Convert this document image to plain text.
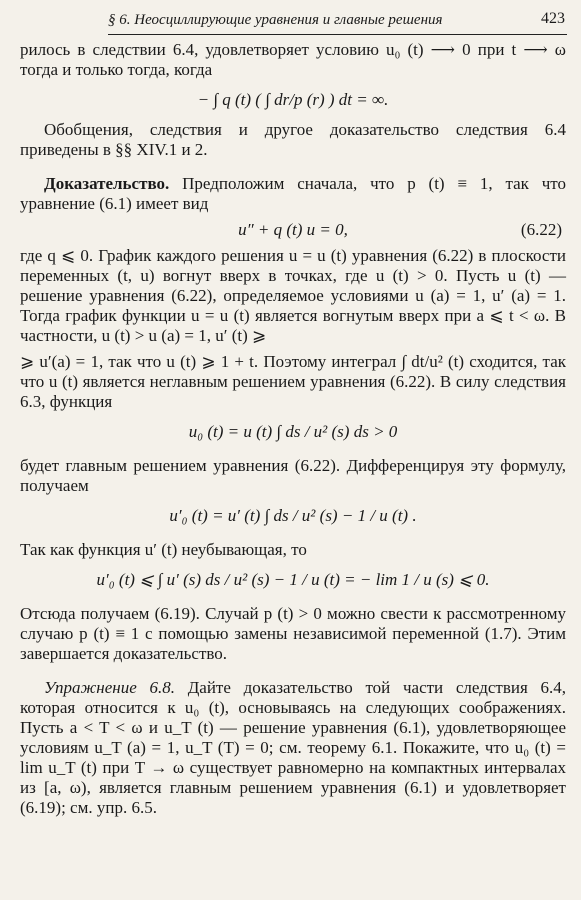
§ 6. Неосциллирующие уравнения и главные решения	423

рилось в следствии 6.4, удовлетворяет условию u₀ (t) ⟶ 0 при t ⟶ ω тогда и только тогда, когда

− ∫ q (t) ( ∫ dr/p (r) ) dt = ∞.

Обобщения, следствия и другое доказательство следствия 6.4 приведены в §§ XIV.1 и 2.

Доказательство. Предположим сначала, что p (t) ≡ 1, так что уравнение (6.1) имеет вид

u″ + q (t) u = 0,	(6.22)

где q ⩽ 0. График каждого решения u = u (t) уравнения (6.22) в плоскости переменных (t, u) вогнут вверх в точках, где u (t) > 0. Пусть u (t) — решение уравнения (6.22), определяемое условиями u (a) = 1, u′ (a) = 1. Тогда график функции u = u (t) является вогнутым вверх при a ⩽ t < ω. В частности, u (t) > u (a) = 1, u′ (t) ⩾

⩾ u′(a) = 1, так что u (t) ⩾ 1 + t. Поэтому интеграл ∫ dt/u² (t) сходится, так что u (t) является неглавным решением уравнения (6.22). В силу следствия 6.3, функция

u₀ (t) = u (t) ∫ ds / u² (s) ds > 0

будет главным решением уравнения (6.22). Дифференцируя эту формулу, получаем

u′₀ (t) = u′ (t) ∫ ds / u² (s) − 1 / u (t) .

Так как функция u′ (t) неубывающая, то

u′₀ (t) ⩽ ∫ u′ (s) ds / u² (s) − 1 / u (t) = − lim 1 / u (s) ⩽ 0.

Отсюда получаем (6.19). Случай p (t) > 0 можно свести к рассмотренному случаю p (t) ≡ 1 с помощью замены независимой переменной (1.7). Этим завершается доказательство.

Упражнение 6.8. Дайте доказательство той части следствия 6.4, которая относится к u₀ (t), основываясь на следующих соображениях. Пусть a < T < ω и u_T (t) — решение уравнения (6.1), удовлетворяющее условиям u_T (a) = 1, u_T (T) = 0; см. теорему 6.1. Покажите, что u₀ (t) = lim u_T (t) при T → ω существует равномерно на компактных интервалах из [a, ω), является главным решением уравнения (6.1) и удовлетворяет (6.19); см. упр. 6.5.
